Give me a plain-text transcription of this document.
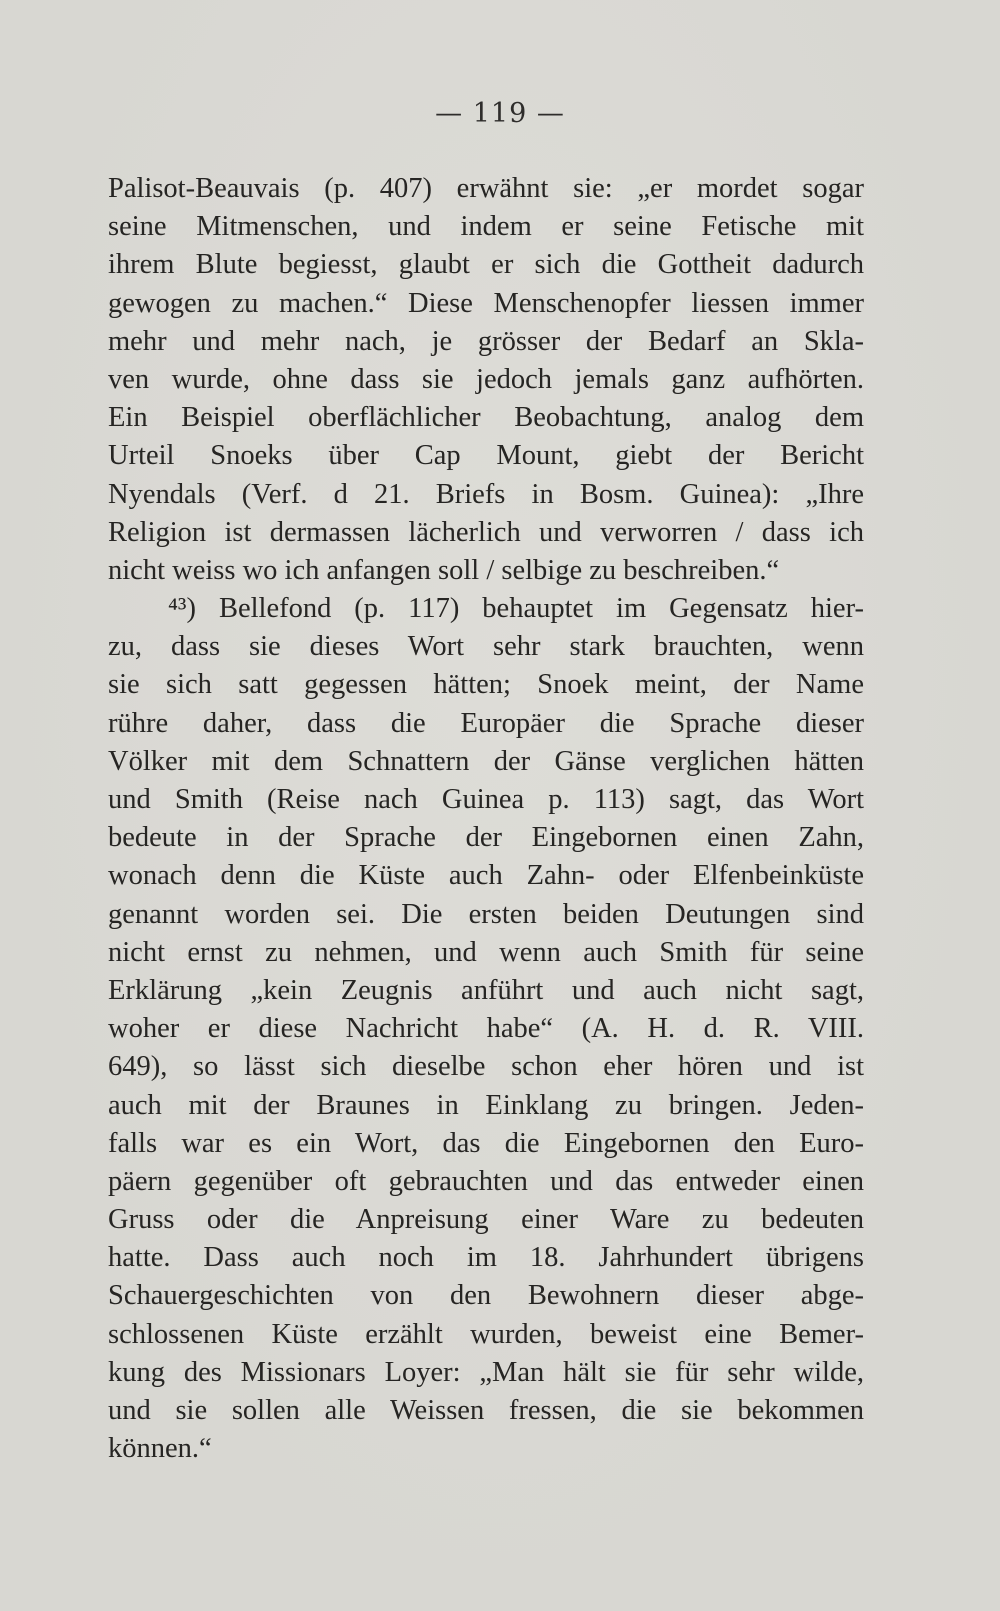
— 119 —
Palisot-Beauvais (p. 407) erwähnt sie: „er mordet sogar
seine Mitmenschen, und indem er seine Fetische mit
ihrem Blute begiesst, glaubt er sich die Gottheit dadurch
gewogen zu machen.“ Diese Menschenopfer liessen immer
mehr und mehr nach, je grösser der Bedarf an Skla-
ven wurde, ohne dass sie jedoch jemals ganz aufhörten.
Ein Beispiel oberflächlicher Beobachtung, analog dem
Urteil Snoeks über Cap Mount, giebt der Bericht
Nyendals (Verf. d 21. Briefs in Bosm. Guinea): „Ihre
Religion ist dermassen lächerlich und verworren / dass ich
nicht weiss wo ich anfangen soll / selbige zu beschreiben.“
⁴³) Bellefond (p. 117) behauptet im Gegensatz hier-
zu, dass sie dieses Wort sehr stark brauchten, wenn
sie sich satt gegessen hätten; Snoek meint, der Name
rühre daher, dass die Europäer die Sprache dieser
Völker mit dem Schnattern der Gänse verglichen hätten
und Smith (Reise nach Guinea p. 113) sagt, das Wort
bedeute in der Sprache der Eingebornen einen Zahn,
wonach denn die Küste auch Zahn- oder Elfenbeinküste
genannt worden sei. Die ersten beiden Deutungen sind
nicht ernst zu nehmen, und wenn auch Smith für seine
Erklärung „kein Zeugnis anführt und auch nicht sagt,
woher er diese Nachricht habe“ (A. H. d. R. VIII.
649), so lässt sich dieselbe schon eher hören und ist
auch mit der Braunes in Einklang zu bringen. Jeden-
falls war es ein Wort, das die Eingebornen den Euro-
päern gegenüber oft gebrauchten und das entweder einen
Gruss oder die Anpreisung einer Ware zu bedeuten
hatte. Dass auch noch im 18. Jahrhundert übrigens
Schauergeschichten von den Bewohnern dieser abge-
schlossenen Küste erzählt wurden, beweist eine Bemer-
kung des Missionars Loyer: „Man hält sie für sehr wilde,
und sie sollen alle Weissen fressen, die sie bekommen
können.“
